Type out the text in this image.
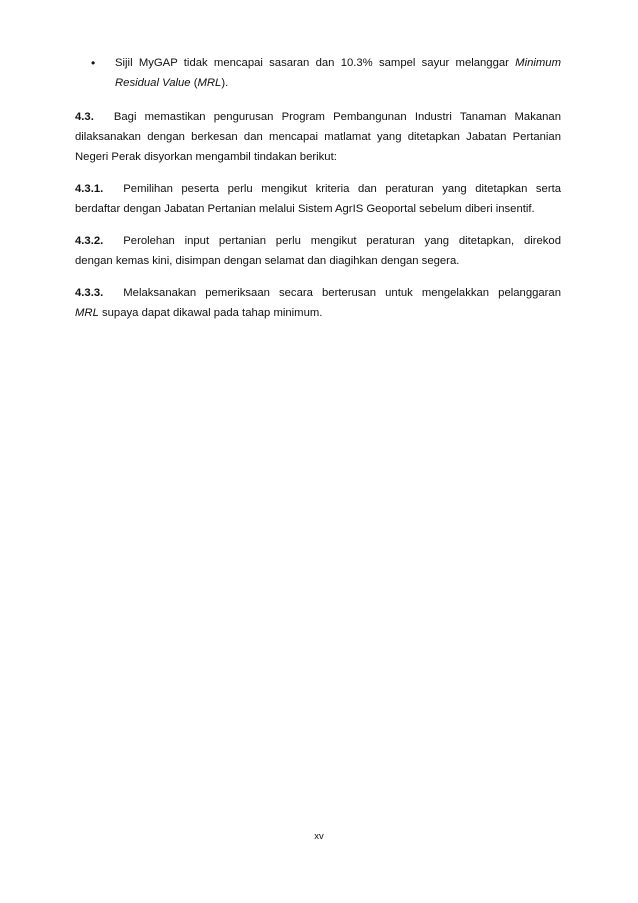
• Sijil MyGAP tidak mencapai sasaran dan 10.3% sampel sayur melanggar Minimum
Residual Value (MRL).
4.3. Bagi memastikan pengurusan Program Pembangunan Industri Tanaman Makanan
dilaksanakan dengan berkesan dan mencapai matlamat yang ditetapkan Jabatan Pertanian
Negeri Perak disyorkan mengambil tindakan berikut:
4.3.1. Pemilihan peserta perlu mengikut kriteria dan peraturan yang ditetapkan serta
berdaftar dengan Jabatan Pertanian melalui Sistem AgrIS Geoportal sebelum diberi insentif.
4.3.2. Perolehan input pertanian perlu mengikut peraturan yang ditetapkan, direkod
dengan kemas kini, disimpan dengan selamat dan diagihkan dengan segera.
4.3.3. Melaksanakan pemeriksaan secara berterusan untuk mengelakkan pelanggaran
MRL supaya dapat dikawal pada tahap minimum.
xv
